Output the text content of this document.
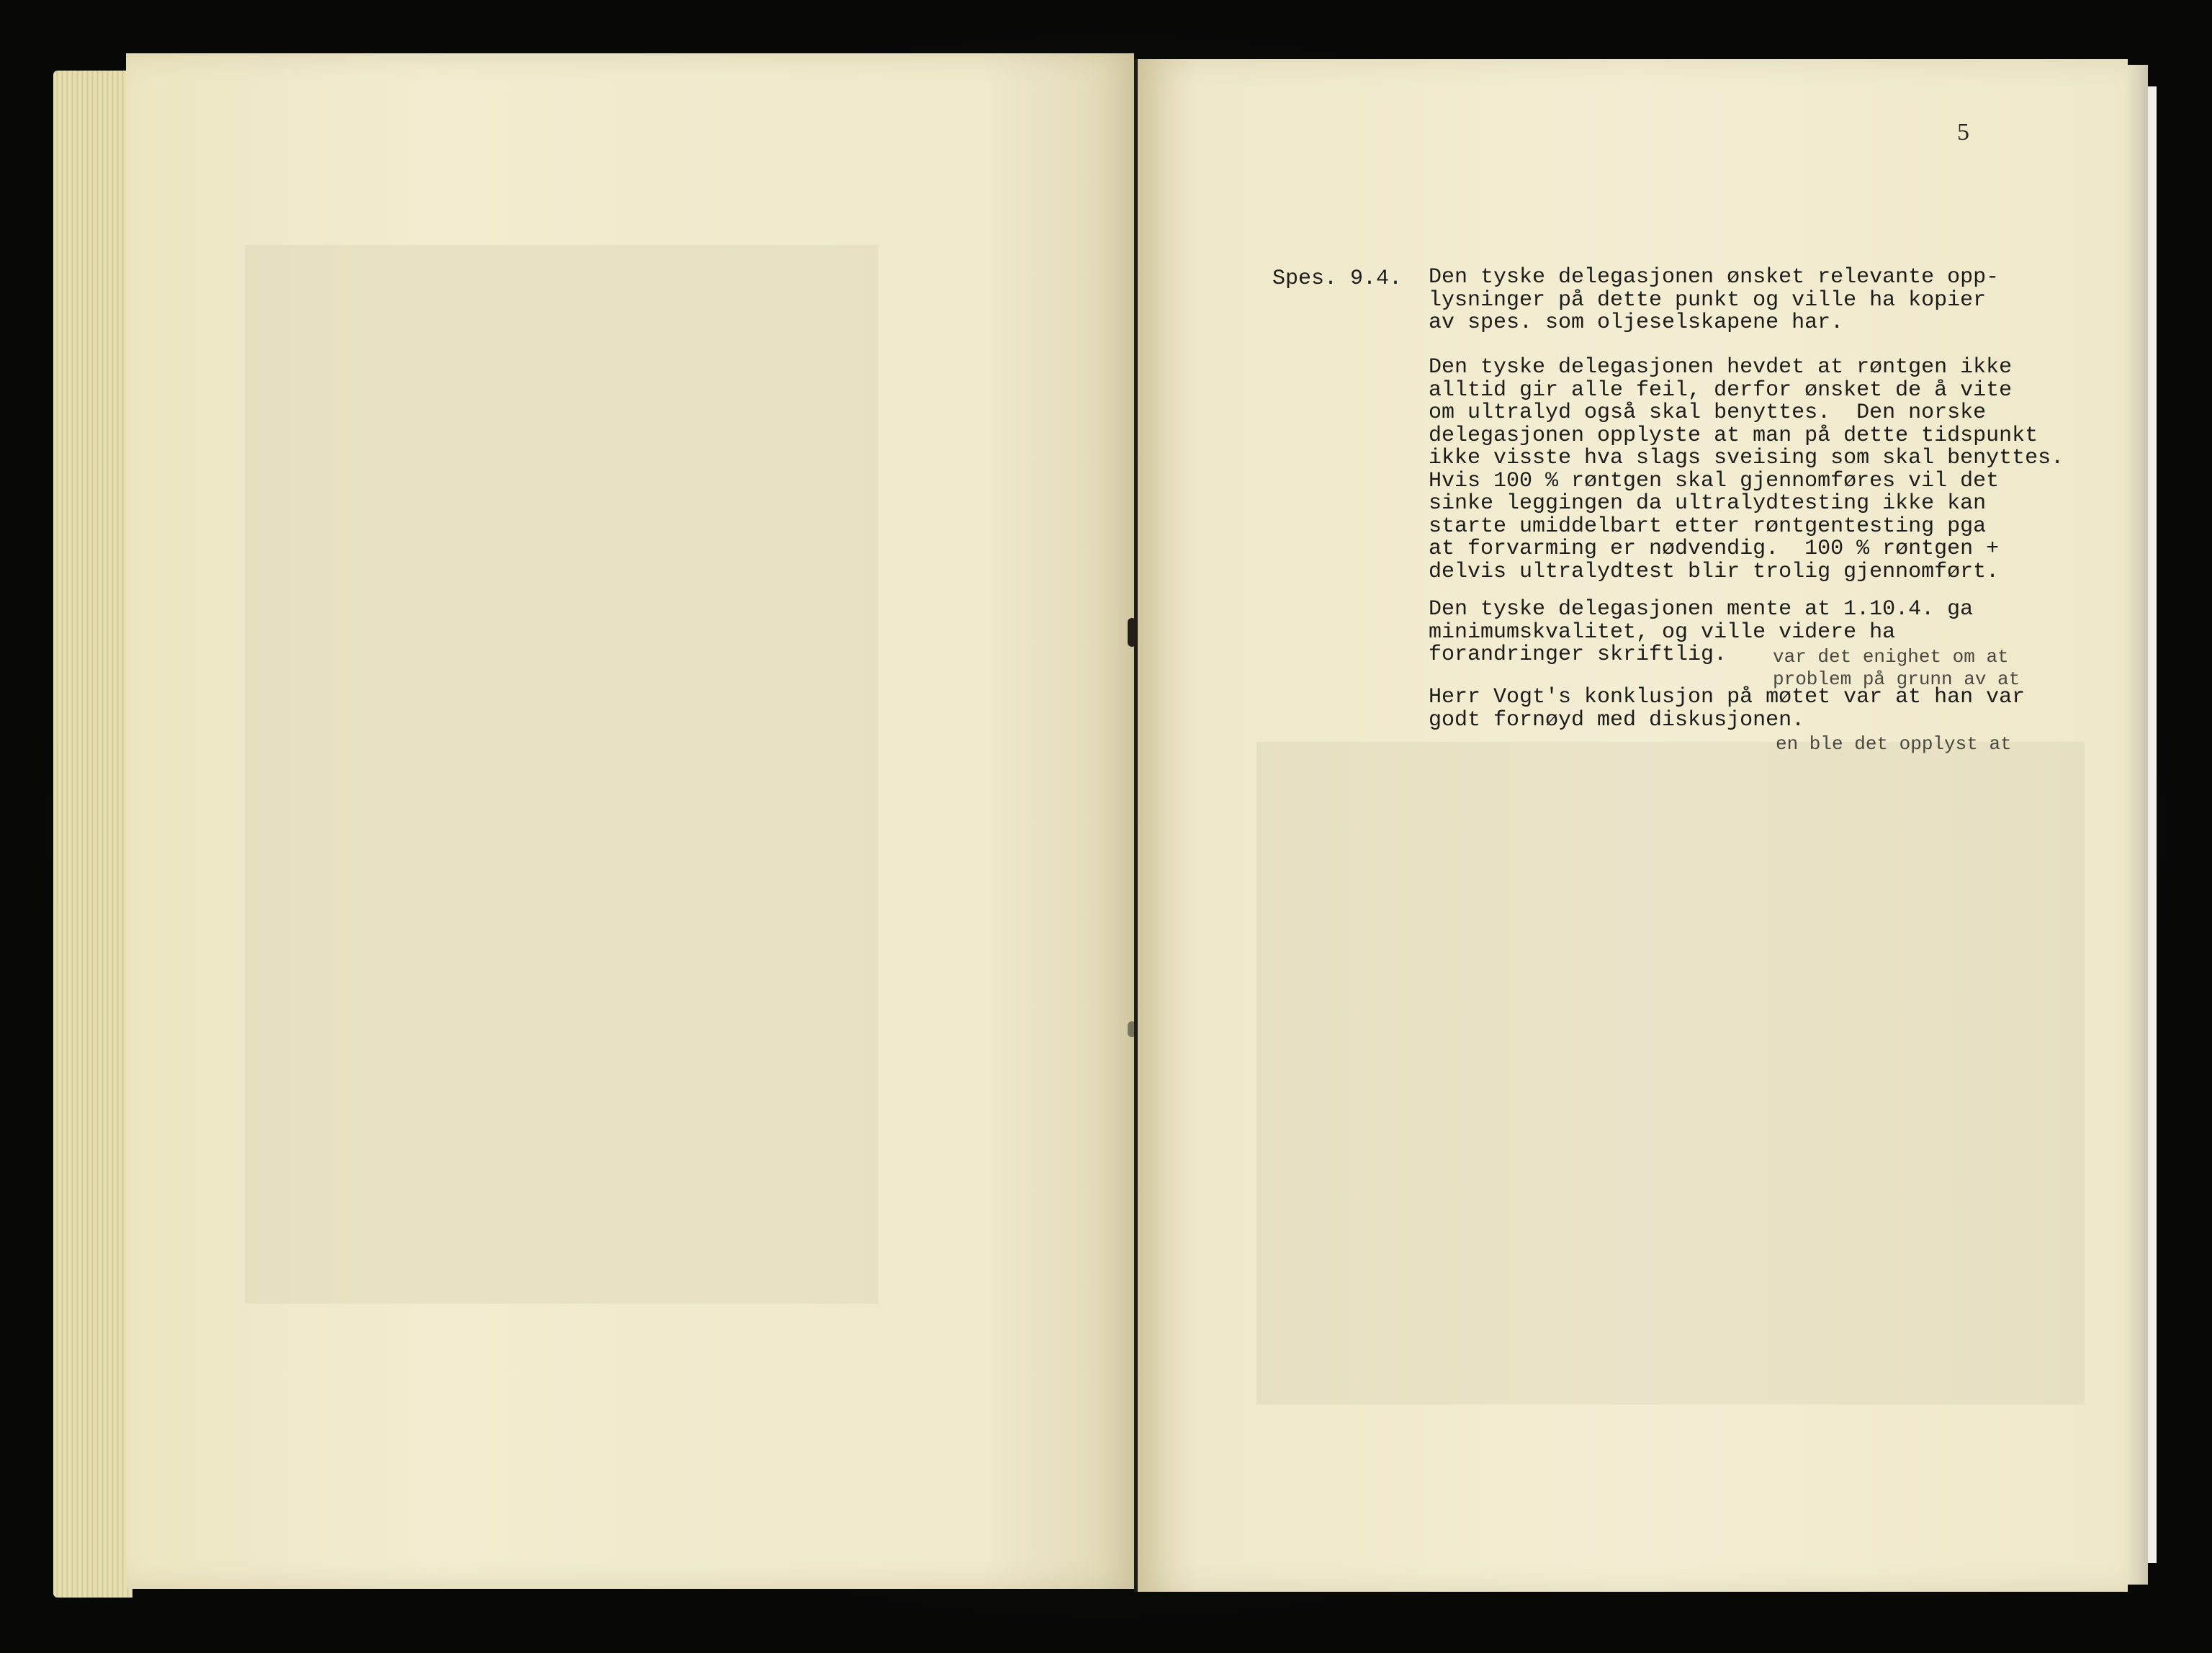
5
Spes. 9.4. Den tyske delegasjonen ønsket relevante opp-
lysninger på dette punkt og ville ha kopier
av spes. som oljeselskapene har.
Den tyske delegasjonen hevdet at røntgen ikke
alltid gir alle feil, derfor ønsket de å vite
om ultralyd også skal benyttes.  Den norske
delegasjonen opplyste at man på dette tidspunkt
ikke visste hva slags sveising som skal benyttes.
Hvis 100 % røntgen skal gjennomføres vil det
sinke leggingen da ultralydtesting ikke kan
starte umiddelbart etter røntgentesting pga
at forvarming er nødvendig.  100 % røntgen +
delvis ultralydtest blir trolig gjennomført.
Den tyske delegasjonen mente at 1.10.4. ga
minimumskvalitet, og ville videre ha
forandringer skriftlig.	var det enighet om at
problem på grunn av at
Herr Vogt's konklusjon på møtet var at han var
godt fornøyd med diskusjonen.
en ble det opplyst at
